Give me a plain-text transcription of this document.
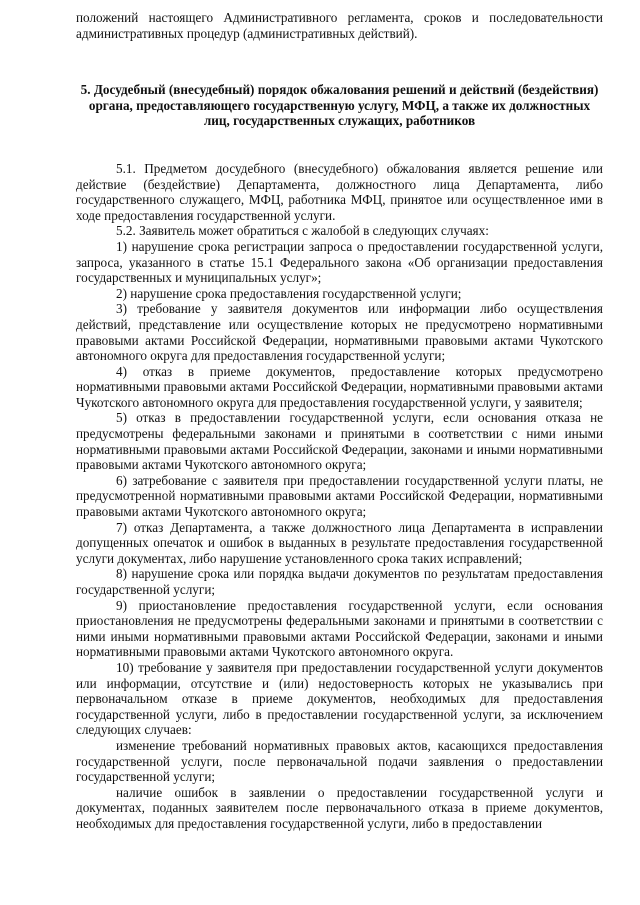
положений настоящего Административного регламента, сроков и последовательности административных процедур (административных действий).

5. Досудебный (внесудебный) порядок обжалования решений и действий (бездействия) органа, предоставляющего государственную услугу, МФЦ, а также их должностных лиц, государственных служащих, работников

5.1. Предметом досудебного (внесудебного) обжалования является решение или действие (бездействие) Департамента, должностного лица Департамента, либо государственного служащего, МФЦ, работника МФЦ, принятое или осуществленное ими в ходе предоставления государственной услуги.

5.2. Заявитель может обратиться с жалобой в следующих случаях:

1) нарушение срока регистрации запроса о предоставлении государственной услуги, запроса, указанного в статье 15.1 Федерального закона «Об организации предоставления государственных и муниципальных услуг»;

2) нарушение срока предоставления государственной услуги;

3) требование у заявителя документов или информации либо осуществления действий, представление или осуществление которых не предусмотрено нормативными правовыми актами Российской Федерации, нормативными правовыми актами Чукотского автономного округа для предоставления государственной услуги;

4) отказ в приеме документов, предоставление которых предусмотрено нормативными правовыми актами Российской Федерации, нормативными правовыми актами Чукотского автономного округа для предоставления государственной услуги, у заявителя;

5) отказ в предоставлении государственной услуги, если основания отказа не предусмотрены федеральными законами и принятыми в соответствии с ними иными нормативными правовыми актами Российской Федерации, законами и иными нормативными правовыми актами Чукотского автономного округа;

6) затребование с заявителя при предоставлении государственной услуги платы, не предусмотренной нормативными правовыми актами Российской Федерации, нормативными правовыми актами Чукотского автономного округа;

7) отказ Департамента, а также должностного лица Департамента в исправлении допущенных опечаток и ошибок в выданных в результате предоставления государственной услуги документах, либо нарушение установленного срока таких исправлений;

8) нарушение срока или порядка выдачи документов по результатам предоставления государственной услуги;

9) приостановление предоставления государственной услуги, если основания приостановления не предусмотрены федеральными законами и принятыми в соответствии с ними иными нормативными правовыми актами Российской Федерации, законами и иными нормативными правовыми актами Чукотского автономного округа.

10) требование у заявителя при предоставлении государственной услуги документов или информации, отсутствие и (или) недостоверность которых не указывались при первоначальном отказе в приеме документов, необходимых для предоставления государственной услуги, либо в предоставлении государственной услуги, за исключением следующих случаев:

изменение требований нормативных правовых актов, касающихся предоставления государственной услуги, после первоначальной подачи заявления о предоставлении государственной услуги;

наличие ошибок в заявлении о предоставлении государственной услуги и документах, поданных заявителем после первоначального отказа в приеме документов, необходимых для предоставления государственной услуги, либо в предоставлении
